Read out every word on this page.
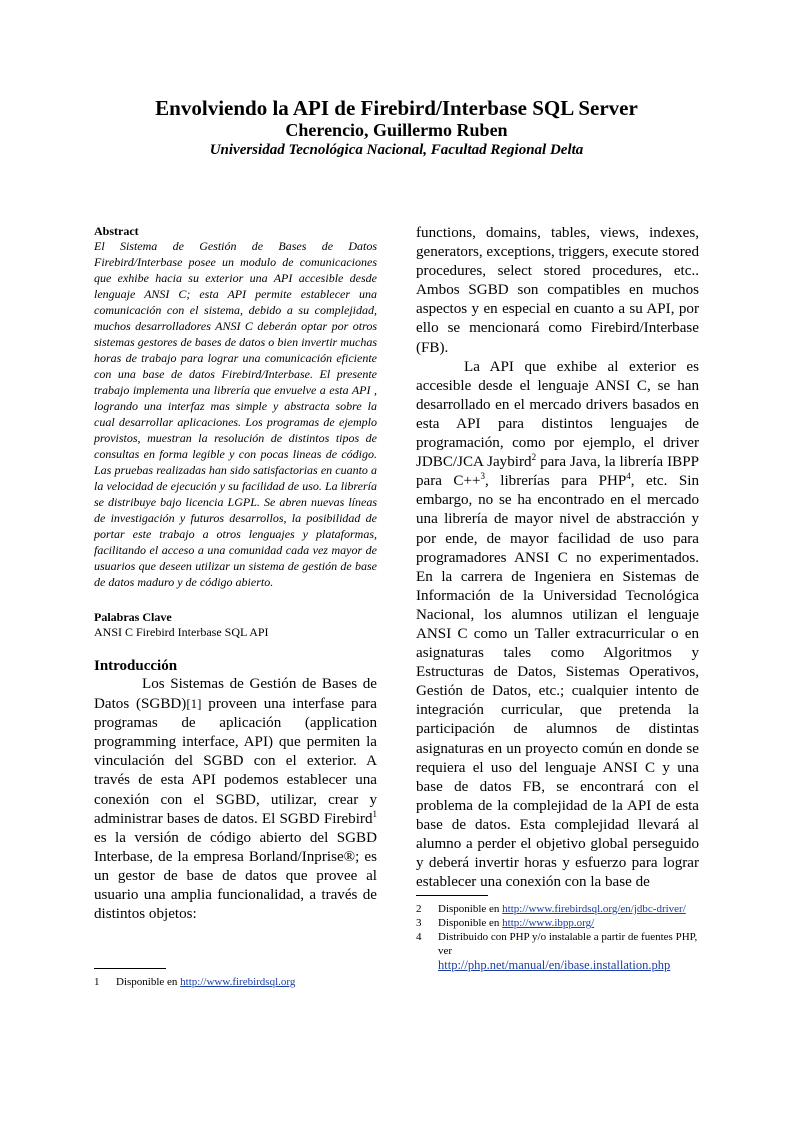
Envolviendo la API de Firebird/Interbase SQL Server

Cherencio, Guillermo Ruben

Universidad Tecnológica Nacional, Facultad Regional Delta

Abstract

El Sistema de Gestión de Bases de Datos Firebird/Interbase posee un modulo de comunicaciones que exhibe hacia su exterior una API accesible desde lenguaje ANSI C; esta API permite establecer una comunicación con el sistema, debido a su complejidad, muchos desarrolladores ANSI C deberán optar por otros sistemas gestores de bases de datos o bien invertir muchas horas de trabajo para lograr una comunicación eficiente con una base de datos Firebird/Interbase. El presente trabajo implementa una librería que envuelve a esta API , logrando una interfaz mas simple y abstracta sobre la cual desarrollar aplicaciones. Los programas de ejemplo provistos, muestran la resolución de distintos tipos de consultas en forma legible y con pocas lineas de código. Las pruebas realizadas han sido satisfactorias en cuanto a la velocidad de ejecución y su facilidad de uso. La librería se distribuye bajo licencia LGPL. Se abren nuevas líneas de investigación y futuros desarrollos, la posibilidad de portar este trabajo a otros lenguajes y plataformas, facilitando el acceso a una comunidad cada vez mayor de usuarios que deseen utilizar un sistema de gestión de base de datos maduro y de código abierto.

Palabras Clave

ANSI C Firebird Interbase SQL API

Introducción

Los Sistemas de Gestión de Bases de Datos (SGBD)[1] proveen una interfase para programas de aplicación (application programming interface, API) que permiten la vinculación del SGBD con el exterior. A través de esta API podemos establecer una conexión con el SGBD, utilizar, crear y administrar bases de datos. El SGBD Firebird$^1$ es la versión de código abierto del SGBD Interbase, de la empresa Borland/Inprise®; es un gestor de base de datos que provee al usuario una amplia funcionalidad, a través de distintos objetos:

functions, domains, tables, views, indexes, generators, exceptions, triggers, execute stored procedures, select stored procedures, etc.. Ambos SGBD son compatibles en muchos aspectos y en especial en cuanto a su API, por ello se mencionará como Firebird/Interbase (FB).

La API que exhibe al exterior es accesible desde el lenguaje ANSI C, se han desarrollado en el mercado drivers basados en esta API para distintos lenguajes de programación, como por ejemplo, el driver JDBC/JCA Jaybird$^2$ para Java, la librería IBPP para C++$^3$, librerías para PHP$^4$, etc. Sin embargo, no se ha encontrado en el mercado una librería de mayor nivel de abstracción y por ende, de mayor facilidad de uso para programadores ANSI C no experimentados. En la carrera de Ingeniera en Sistemas de Información de la Universidad Tecnológica Nacional, los alumnos utilizan el lenguaje ANSI C como un Taller extracurricular o en asignaturas tales como Algoritmos y Estructuras de Datos, Sistemas Operativos, Gestión de Datos, etc.; cualquier intento de integración curricular, que pretenda la participación de alumnos de distintas asignaturas en un proyecto común en donde se requiera el uso del lenguaje ANSI C y una base de datos FB, se encontrará con el problema de la complejidad de la API de esta base de datos. Esta complejidad llevará al alumno a perder el objetivo global perseguido y deberá invertir horas y esfuerzo para lograr establecer una conexión con la base de

1	Disponible en http://www.firebirdsql.org
2	Disponible en http://www.firebirdsql.org/en/jdbc-driver/
3	Disponible en http://www.ibpp.org/
4	Distribuido con PHP y/o instalable a partir de fuentes PHP, ver
http://php.net/manual/en/ibase.installation.php
